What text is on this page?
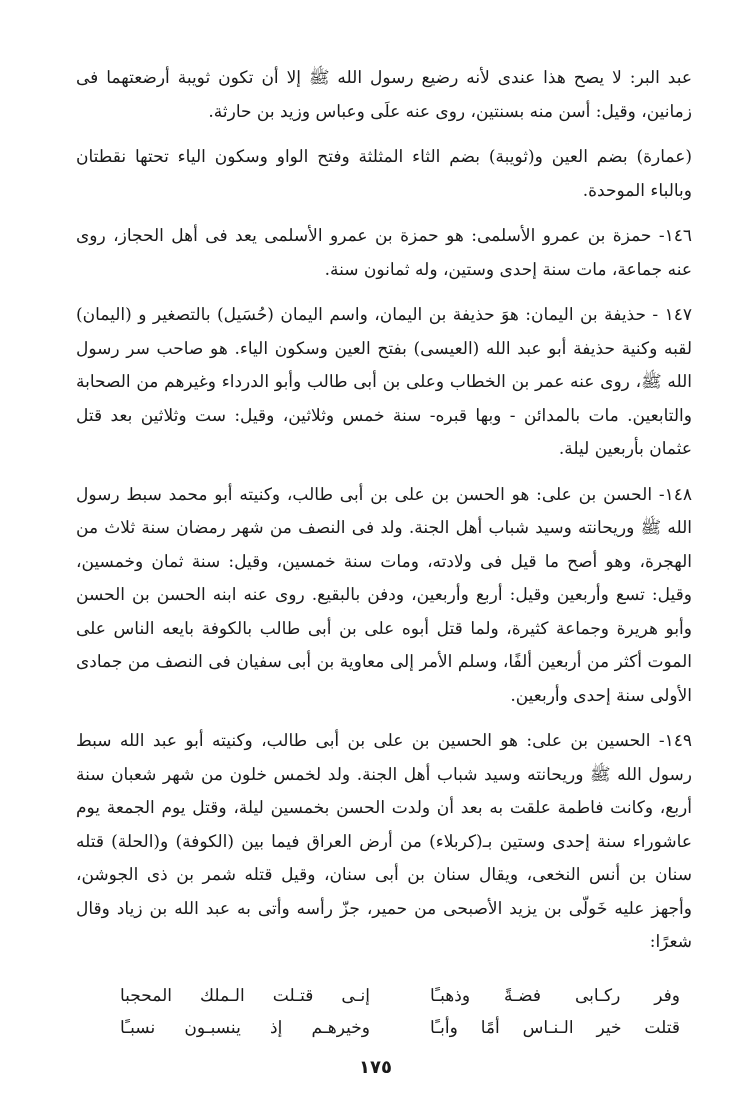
عبد البر: لا يصح هذا عندى لأنه رضيع رسول الله ﷺ إلا أن تكون ثويبة أرضعتهما فى زمانين، وقيل: أسن منه بسنتين، روى عنه علَى وعباس وزيد بن حارثة.

(عمارة) بضم العين و(ثويبة) بضم الثاء المثلثة وفتح الواو وسكون الياء تحتها نقطتان وبالباء الموحدة.

١٤٦- حمزة بن عمرو الأسلمى: هو حمزة بن عمرو الأسلمى يعد فى أهل الحجاز، روى عنه جماعة، مات سنة إحدى وستين، وله ثمانون سنة.

١٤٧ - حذيفة بن اليمان: هوَ حذيفة بن اليمان، واسم اليمان (حُسَيل) بالتصغير و (اليمان) لقبه وكنية حذيفة أبو عبد الله (العيسى) بفتح العين وسكون الياء. هو صاحب سر رسول الله ﷺ، روى عنه عمر بن الخطاب وعلى بن أبى طالب وأبو الدرداء وغيرهم من الصحابة والتابعين. مات بالمدائن - وبها قبره- سنة خمس وثلاثين، وقيل: ست وثلاثين بعد قتل عثمان بأربعين ليلة.

١٤٨- الحسن بن على: هو الحسن بن على بن أبى طالب، وكنيته أبو محمد سبط رسول الله ﷺ وريحانته وسيد شباب أهل الجنة. ولد فى النصف من شهر رمضان سنة ثلاث من الهجرة، وهو أصح ما قيل فى ولادته، ومات سنة خمسين، وقيل: سنة ثمان وخمسين، وقيل: تسع وأربعين وقيل: أربع وأربعين، ودفن بالبقيع. روى عنه ابنه الحسن بن الحسن وأبو هريرة وجماعة كثيرة، ولما قتل أبوه على بن أبى طالب بالكوفة بايعه الناس على الموت أكثر من أربعين ألفًا، وسلم الأمر إلى معاوية بن أبى سفيان فى النصف من جمادى الأولى سنة إحدى وأربعين.

١٤٩- الحسين بن على: هو الحسين بن على بن أبى طالب، وكنيته أبو عبد الله سبط رسول الله ﷺ وريحانته وسيد شباب أهل الجنة. ولد لخمس خلون من شهر شعبان سنة أربع، وكانت فاطمة علقت به بعد أن ولدت الحسن بخمسين ليلة، وقتل يوم الجمعة يوم عاشوراء سنة إحدى وستين بـ(كربلاء) من أرض العراق فيما بين (الكوفة) و(الحلة) قتله سنان بن أنس النخعى، ويقال سنان بن أبى سنان، وقيل قتله شمر بن ذى الجوشن، وأجهز عليه خَولّى بن يزيد الأصبحى من حمير، جزّ رأسه وأتى به عبد الله بن زياد وقال شعرًا:

وفر ركـابى فضـةً وذهبـًا
إنـى قتـلت الـملك المحجبا
قتلت خير الـنـاس أمًا وأبـًا
وخيرهـم إذ ينسبـون نسبـًا
١٧٥
